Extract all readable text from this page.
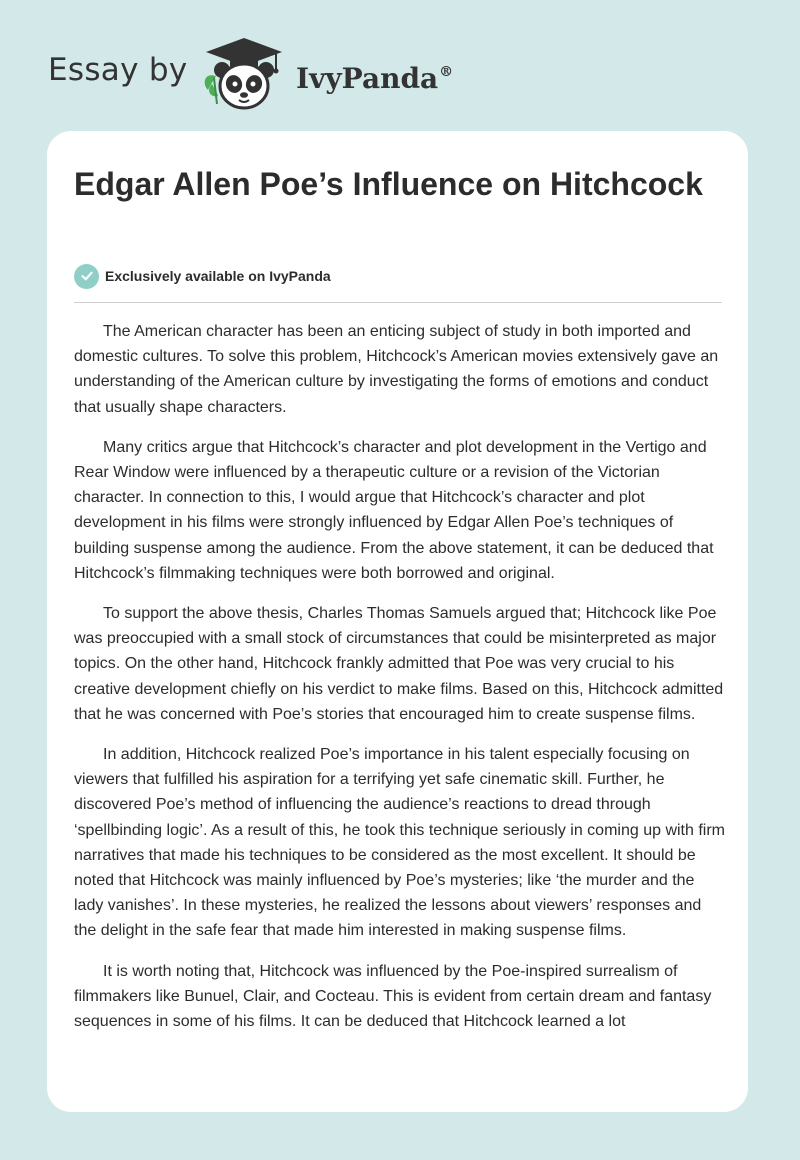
Essay by	IvyPanda®
Edgar Allen Poe’s Influence on Hitchcock
Exclusively available on IvyPanda

The American character has been an enticing subject of study in both imported and domestic cultures. To solve this problem, Hitchcock’s American movies extensively gave an understanding of the American culture by investigating the forms of emotions and conduct that usually shape characters.

Many critics argue that Hitchcock’s character and plot development in the Vertigo and Rear Window were influenced by a therapeutic culture or a revision of the Victorian character. In connection to this, I would argue that Hitchcock’s character and plot development in his films were strongly influenced by Edgar Allen Poe’s techniques of building suspense among the audience. From the above statement, it can be deduced that Hitchcock’s filmmaking techniques were both borrowed and original.

To support the above thesis, Charles Thomas Samuels argued that; Hitchcock like Poe was preoccupied with a small stock of circumstances that could be misinterpreted as major topics. On the other hand, Hitchcock frankly admitted that Poe was very crucial to his creative development chiefly on his verdict to make films. Based on this, Hitchcock admitted that he was concerned with Poe’s stories that encouraged him to create suspense films.

In addition, Hitchcock realized Poe’s importance in his talent especially focusing on viewers that fulfilled his aspiration for a terrifying yet safe cinematic skill. Further, he discovered Poe’s method of influencing the audience’s reactions to dread through ‘spellbinding logic’. As a result of this, he took this technique seriously in coming up with firm narratives that made his techniques to be considered as the most excellent. It should be noted that Hitchcock was mainly influenced by Poe’s mysteries; like ‘the murder and the lady vanishes’. In these mysteries, he realized the lessons about viewers’ responses and the delight in the safe fear that made him interested in making suspense films.

It is worth noting that, Hitchcock was influenced by the Poe-inspired surrealism of filmmakers like Bunuel, Clair, and Cocteau. This is evident from certain dream and fantasy sequences in some of his films. It can be deduced that Hitchcock learned a lot
